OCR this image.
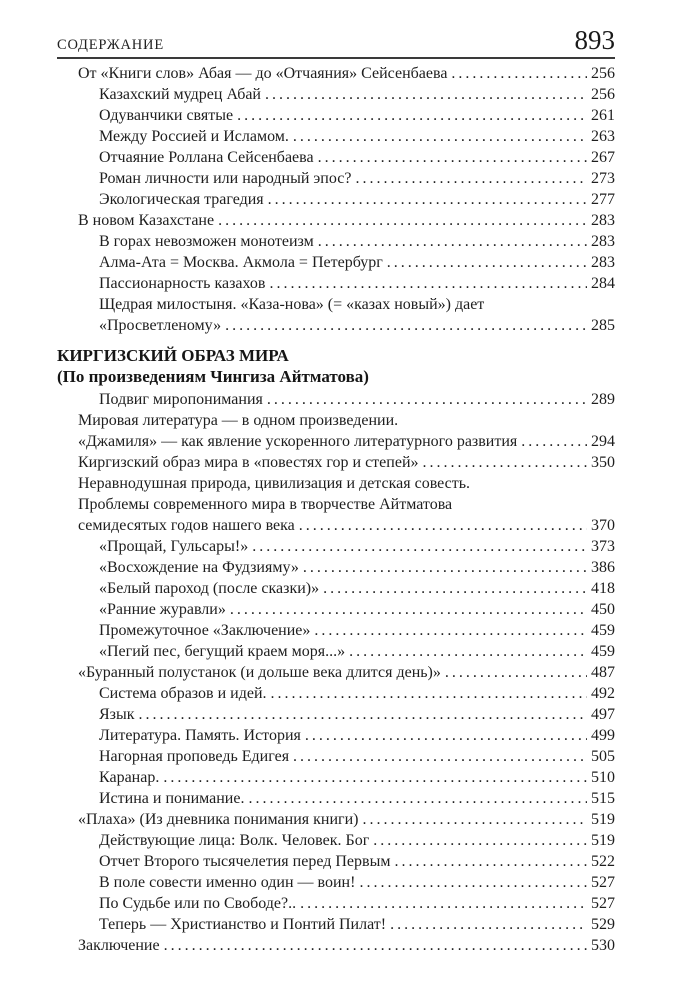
СОДЕРЖАНИЕ	893
От «Книги слов» Абая — до «Отчаяния» Сейсенбаева . . .	256
Казахский мудрец Абай . . .	256
Одуванчики святые . . .	261
Между Россией и Исламом. . . .	263
Отчаяние Роллана Сейсенбаева . . .	267
Роман личности или народный эпос? . . .	273
Экологическая трагедия . . .	277
В новом Казахстане . . .	283
В горах невозможен монотеизм . . .	283
Алма-Ата = Москва. Акмола = Петербург . . .	283
Пассионарность казахов . . .	284
Щедрая милостыня. «Каза-нова» (= «казах новый») дает
«Просветленому» . . .	285
КИРГИЗСКИЙ ОБРАЗ МИРА
(По произведениям Чингиза Айтматова)
Подвиг миропонимания . . .	289
Мировая литература — в одном произведении.
«Джамиля» — как явление ускоренного литературного развития . . .	294
Киргизский образ мира в «повестях гор и степей» . . .	350
Неравнодушная природа, цивилизация и детская совесть.
Проблемы современного мира в творчестве Айтматова
семидесятых годов нашего века . . .	370
«Прощай, Гульсары!» . . .	373
«Восхождение на Фудзияму» . . .	386
«Белый пароход (после сказки)» . . .	418
«Ранние журавли» . . .	450
Промежуточное «Заключение» . . .	459
«Пегий пес, бегущий краем моря...» . . .	459
«Буранный полустанок (и дольше века длится день)» . . .	487
Система образов и идей. . . .	492
Язык . . .	497
Литература. Память. История . . .	499
Нагорная проповедь Едигея . . .	505
Каранар. . . .	510
Истина и понимание. . . .	515
«Плаха» (Из дневника понимания книги) . . .	519
Действующие лица: Волк. Человек. Бог . . .	519
Отчет Второго тысячелетия перед Первым . . .	522
В поле совести именно один — воин! . . .	527
По Судьбе или по Свободе?.. . . .	527
Теперь — Христианство и Понтий Пилат! . . .	529
Заключение . . .	530
